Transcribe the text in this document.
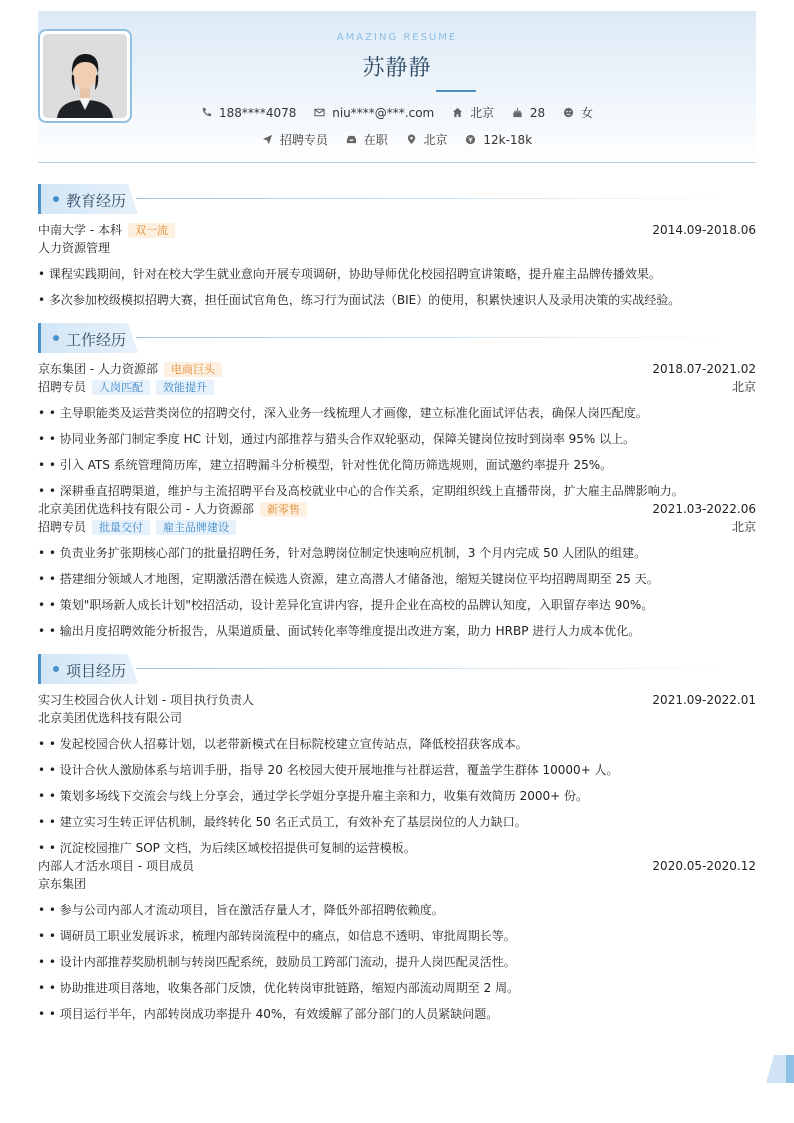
AMAZING RESUME
苏静静
188****4078
	niu****@***.com
	北京
	28
	女
招聘专员
	在职
	北京
	12k-18k
教育经历
中南大学 - 本科 双一流	2014.09-2018.06
人力资源管理
• 课程实践期间，针对在校大学生就业意向开展专项调研，协助导师优化校园招聘宣讲策略，提升雇主品牌传播效果。
• 多次参加校级模拟招聘大赛，担任面试官角色，练习行为面试法（BIE）的使用，积累快速识人及录用决策的实战经验。
工作经历
京东集团 - 人力资源部 电商巨头	2018.07-2021.02
招聘专员 人岗匹配 效能提升	北京
• • 主导职能类及运营类岗位的招聘交付，深入业务一线梳理人才画像，建立标准化面试评估表，确保人岗匹配度。
• • 协同业务部门制定季度 HC 计划，通过内部推荐与猎头合作双轮驱动，保障关键岗位按时到岗率 95% 以上。
• • 引入 ATS 系统管理简历库，建立招聘漏斗分析模型，针对性优化简历筛选规则，面试邀约率提升 25%。
• • 深耕垂直招聘渠道，维护与主流招聘平台及高校就业中心的合作关系，定期组织线上直播带岗，扩大雇主品牌影响力。
北京美团优选科技有限公司 - 人力资源部 新零售	2021.03-2022.06
招聘专员 批量交付 雇主品牌建设	北京
• • 负责业务扩张期核心部门的批量招聘任务，针对急聘岗位制定快速响应机制，3 个月内完成 50 人团队的组建。
• • 搭建细分领域人才地图，定期激活潜在候选人资源，建立高潜人才储备池，缩短关键岗位平均招聘周期至 25 天。
• • 策划"职场新人成长计划"校招活动，设计差异化宣讲内容，提升企业在高校的品牌认知度，入职留存率达 90%。
• • 输出月度招聘效能分析报告，从渠道质量、面试转化率等维度提出改进方案，助力 HRBP 进行人力成本优化。
项目经历
实习生校园合伙人计划 - 项目执行负责人	2021.09-2022.01
北京美团优选科技有限公司
• • 发起校园合伙人招募计划，以老带新模式在目标院校建立宣传站点，降低校招获客成本。
• • 设计合伙人激励体系与培训手册，指导 20 名校园大使开展地推与社群运营，覆盖学生群体 10000+ 人。
• • 策划多场线下交流会与线上分享会，通过学长学姐分享提升雇主亲和力，收集有效简历 2000+ 份。
• • 建立实习生转正评估机制，最终转化 50 名正式员工，有效补充了基层岗位的人力缺口。
• • 沉淀校园推广 SOP 文档，为后续区域校招提供可复制的运营模板。
内部人才活水项目 - 项目成员	2020.05-2020.12
京东集团
• • 参与公司内部人才流动项目，旨在激活存量人才，降低外部招聘依赖度。
• • 调研员工职业发展诉求，梳理内部转岗流程中的痛点，如信息不透明、审批周期长等。
• • 设计内部推荐奖励机制与转岗匹配系统，鼓励员工跨部门流动，提升人岗匹配灵活性。
• • 协助推进项目落地，收集各部门反馈，优化转岗审批链路，缩短内部流动周期至 2 周。
• • 项目运行半年，内部转岗成功率提升 40%，有效缓解了部分部门的人员紧缺问题。
